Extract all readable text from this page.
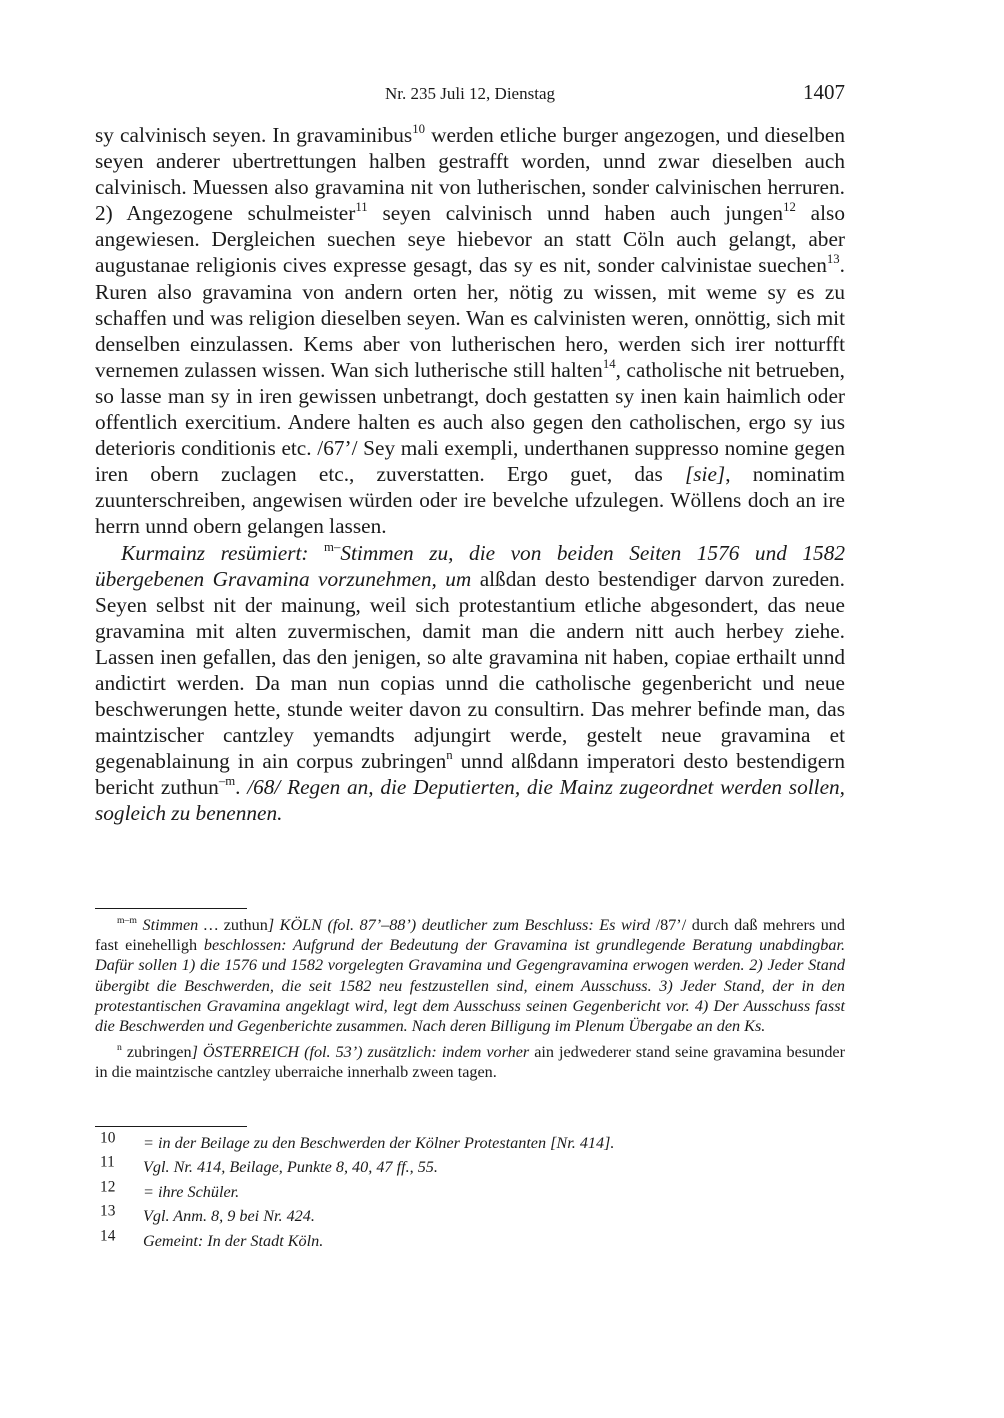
Nr. 235 Juli 12, Dienstag	1407

sy calvinisch seyen. In gravaminibus$^{10}$ werden etliche burger angezogen, und dieselben seyen anderer ubertrettungen halben gestrafft worden, unnd zwar dieselben auch calvinisch. Muessen also gravamina nit von lutherischen, sonder calvinischen herruren. 2) Angezogene schulmeister$^{11}$ seyen calvinisch unnd haben auch jungen$^{12}$ also angewiesen. Dergleichen suechen seye hiebevor an statt Cöln auch gelangt, aber augustanae religionis cives expresse gesagt, das sy es nit, sonder calvinistae suechen$^{13}$. Ruren also gravamina von andern orten her, nötig zu wissen, mit weme sy es zu schaffen und was religion dieselben seyen. Wan es calvinisten weren, onnöttig, sich mit denselben einzulassen. Kems aber von lutherischen hero, werden sich irer notturfft vernemen zulassen wissen. Wan sich lutherische still halten$^{14}$, catholische nit betrueben, so lasse man sy in iren gewissen unbetrangt, doch gestatten sy inen kain haimlich oder offentlich exercitium. Andere halten es auch also gegen den catholischen, ergo sy ius deterioris conditionis etc. /67’/ Sey mali exempli, underthanen suppresso nomine gegen iren obern zuclagen etc., zuverstatten. Ergo guet, das [sie], nominatim zuunterschreiben, angewisen würden oder ire bevelche ufzulegen. Wöllens doch an ire herrn unnd obern gelangen lassen.

Kurmainz resümiert: $^{m-}$Stimmen zu, die von beiden Seiten 1576 und 1582 übergebenen Gravamina vorzunehmen, um alßdan desto bestendiger darvon zureden. Seyen selbst nit der mainung, weil sich protestantium etliche abgesondert, das neue gravamina mit alten zuvermischen, damit man die andern nitt auch herbey ziehe. Lassen inen gefallen, das den jenigen, so alte gravamina nit haben, copiae erthailt unnd andictirt werden. Da man nun copias unnd die catholische gegenbericht und neue beschwerungen hette, stunde weiter davon zu consultirn. Das mehrer befinde man, das maintzischer cantzley yemandts adjungirt werde, gestelt neue gravamina et gegenablainung in ain corpus zubringen$^n$ unnd alßdann imperatori desto bestendigern bericht zuthun$^{-m}$. /68/ Regen an, die Deputierten, die Mainz zugeordnet werden sollen, sogleich zu benennen.

$^{m-m}$ Stimmen … zuthun] KÖLN (fol. 87’–88’) deutlicher zum Beschluss: Es wird /87’/ durch daß mehrers und fast einehelligh beschlossen: Aufgrund der Bedeutung der Gravamina ist grundlegende Beratung unabdingbar. Dafür sollen 1) die 1576 und 1582 vorgelegten Gravamina und Gegengravamina erwogen werden. 2) Jeder Stand übergibt die Beschwerden, die seit 1582 neu festzustellen sind, einem Ausschuss. 3) Jeder Stand, der in den protestantischen Gravamina angeklagt wird, legt dem Ausschuss seinen Gegenbericht vor. 4) Der Ausschuss fasst die Beschwerden und Gegenberichte zusammen. Nach deren Billigung im Plenum Übergabe an den Ks.

$^n$ zubringen] ÖSTERREICH (fol. 53’) zusätzlich: indem vorher ain jedwederer stand seine gravamina besunder in die maintzische cantzley uberraiche innerhalb zween tagen.

$^{10}$	= in der Beilage zu den Beschwerden der Kölner Protestanten [Nr. 414].
$^{11}$	Vgl. Nr. 414, Beilage, Punkte 8, 40, 47 ff., 55.
$^{12}$	= ihre Schüler.
$^{13}$	Vgl. Anm. 8, 9 bei Nr. 424.
$^{14}$	Gemeint: In der Stadt Köln.
